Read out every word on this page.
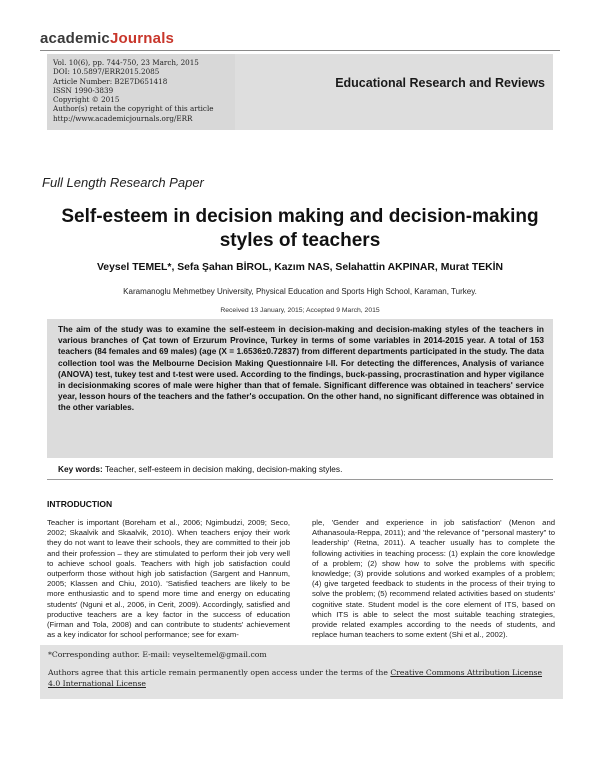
academicJournals
Vol. 10(6), pp. 744-750, 23 March, 2015
DOI: 10.5897/ERR2015.2085
Article Number: B2E7D651418
ISSN 1990-3839
Copyright © 2015
Author(s) retain the copyright of this article
http://www.academicjournals.org/ERR
Educational Research and Reviews
Full Length Research Paper
Self-esteem in decision making and decision-making styles of teachers
Veysel TEMEL*, Sefa Şahan BİROL, Kazım NAS, Selahattin AKPINAR, Murat TEKİN
Karamanoglu Mehmetbey University, Physical Education and Sports High School, Karaman, Turkey.
Received 13 January, 2015; Accepted 9 March, 2015
The aim of the study was to examine the self-esteem in decision-making and decision-making styles of the teachers in various branches of Çat town of Erzurum Province, Turkey in terms of some variables in 2014-2015 year. A total of 153 teachers (84 females and 69 males) (age (X = 1.6536±0.72837) from different departments participated in the study. The data collection tool was the Melbourne Decision Making Questionnaire I-II. For detecting the differences, Analysis of variance (ANOVA) test, tukey test and t-test were used. According to the findings, buck-passing, procrastination and hyper vigilance in decisionmaking scores of male were higher than that of female. Significant difference was obtained in teachers' service year, lesson hours of the teachers and the father's occupation. On the other hand, no significant difference was obtained in the other variables.
Key words: Teacher, self-esteem in decision making, decision-making styles.
INTRODUCTION
Teacher is important (Boreham et al., 2006; Ngimbudzi, 2009; Seco, 2002; Skaalvik and Skaalvik, 2010). When teachers enjoy their work they do not want to leave their schools, they are committed to their job and their profession – they are stimulated to perform their job very well to achieve school goals. Teachers with high job satisfaction could outperform those without high job satisfaction (Sargent and Hannum, 2005; Klassen and Chiu, 2010). 'Satisfied teachers are likely to be more enthusiastic and to spend more time and energy on educating students' (Nguni et al., 2006, in Cerit, 2009). Accordingly, satisfied and productive teachers are a key factor in the success of education (Firman and Tola, 2008) and can contribute to students' achievement as a key indicator for school performance; see for exam-
ple, 'Gender and experience in job satisfaction' (Menon and Athanasoula-Reppa, 2011); and 'the relevance of "personal mastery" to leadership' (Retna, 2011). A teacher usually has to complete the following activities in teaching process: (1) explain the core knowledge of a problem; (2) show how to solve the problems with specific knowledge; (3) provide solutions and worked examples of a problem; (4) give targeted feedback to students in the process of their trying to solve the problem; (5) recommend related activities based on students' cognitive state. Student model is the core element of ITS, based on which ITS is able to select the most suitable teaching strategies, provide related examples according to the needs of students, and replace human teachers to some extent (Shi et al., 2002).

*Corresponding author. E-mail: veyseltemel@gmail.com

Authors agree that this article remain permanently open access under the terms of the Creative Commons Attribution License 4.0 International License
